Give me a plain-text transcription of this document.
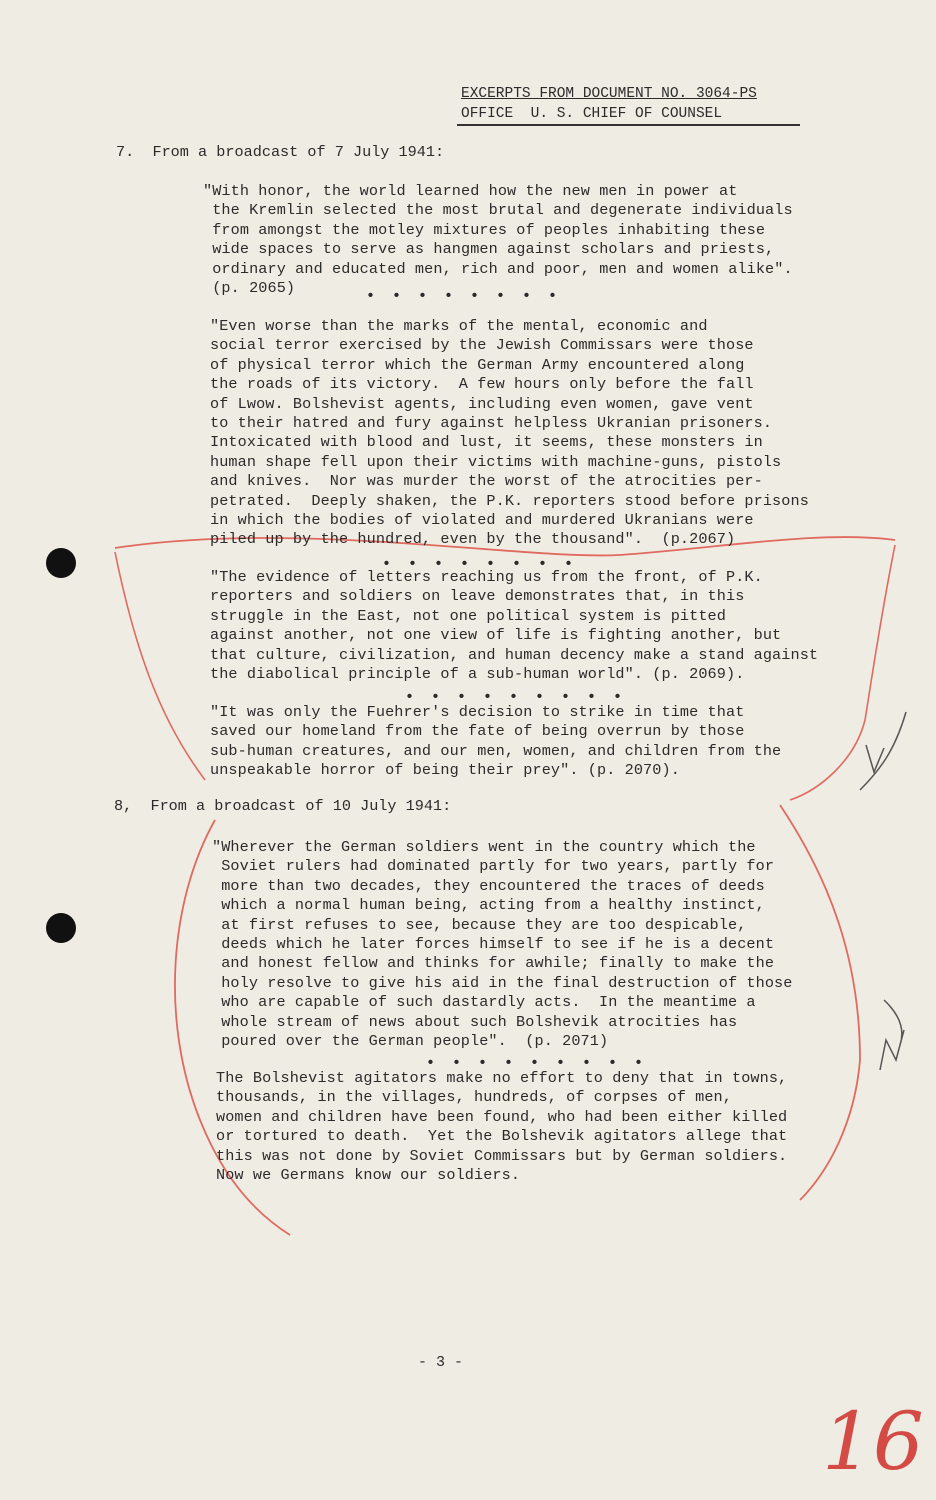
EXCERPTS FROM DOCUMENT NO. 3064-PS
OFFICE  U. S. CHIEF OF COUNSEL
7.  From a broadcast of 7 July 1941:
"With honor, the world learned how the new men in power at
the Kremlin selected the most brutal and degenerate individuals
from amongst the motley mixtures of peoples inhabiting these
wide spaces to serve as hangmen against scholars and priests,
ordinary and educated men, rich and poor, men and women alike".
(p. 2065)	• • • • • • • •
"Even worse than the marks of the mental, economic and
social terror exercised by the Jewish Commissars were those
of physical terror which the German Army encountered along
the roads of its victory.  A few hours only before the fall
of Lwow. Bolshevist agents, including even women, gave vent
to their hatred and fury against helpless Ukranian prisoners.
Intoxicated with blood and lust, it seems, these monsters in
human shape fell upon their victims with machine-guns, pistols
and knives.  Nor was murder the worst of the atrocities per-
petrated.  Deeply shaken, the P.K. reporters stood before prisons
in which the bodies of violated and murdered Ukranians were
piled up by the hundred, even by the thousand".  (p.2067)
• • • • • • • •
"The evidence of letters reaching us from the front, of P.K.
reporters and soldiers on leave demonstrates that, in this
struggle in the East, not one political system is pitted
against another, not one view of life is fighting another, but
that culture, civilization, and human decency make a stand against
the diabolical principle of a sub-human world". (p. 2069).
• • • • • • • • •
"It was only the Fuehrer's decision to strike in time that
saved our homeland from the fate of being overrun by those
sub-human creatures, and our men, women, and children from the
unspeakable horror of being their prey". (p. 2070).
8,  From a broadcast of 10 July 1941:
"Wherever the German soldiers went in the country which the
Soviet rulers had dominated partly for two years, partly for
more than two decades, they encountered the traces of deeds
which a normal human being, acting from a healthy instinct,
at first refuses to see, because they are too despicable,
deeds which he later forces himself to see if he is a decent
and honest fellow and thinks for awhile; finally to make the
holy resolve to give his aid in the final destruction of those
who are capable of such dastardly acts.  In the meantime a
whole stream of news about such Bolshevik atrocities has
poured over the German people".  (p. 2071)
• • • • • • • • •
The Bolshevist agitators make no effort to deny that in towns,
thousands, in the villages, hundreds, of corpses of men,
women and children have been found, who had been either killed
or tortured to death.  Yet the Bolshevik agitators allege that
this was not done by Soviet Commissars but by German soldiers.
Now we Germans know our soldiers.
- 3 -
16
